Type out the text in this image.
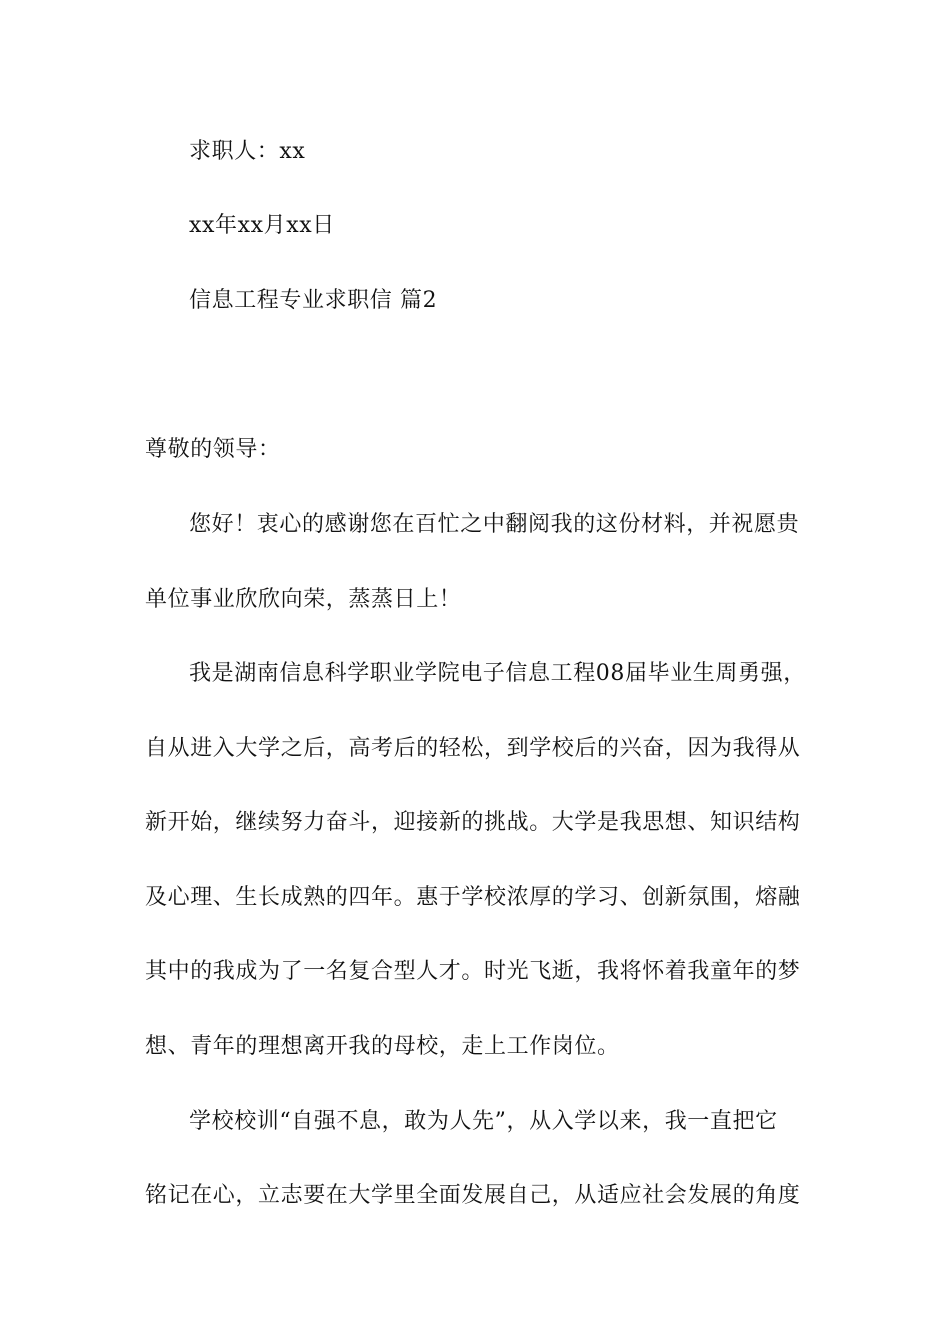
求职人：xx
xx年xx月xx日
信息工程专业求职信 篇2
尊敬的领导：
您好！衷心的感谢您在百忙之中翻阅我的这份材料，并祝愿贵
单位事业欣欣向荣，蒸蒸日上！
我是湖南信息科学职业学院电子信息工程08届毕业生周勇强，
自从进入大学之后，高考后的轻松，到学校后的兴奋，因为我得从
新开始，继续努力奋斗，迎接新的挑战。大学是我思想、知识结构
及心理、生长成熟的四年。惠于学校浓厚的学习、创新氛围，熔融
其中的我成为了一名复合型人才。时光飞逝，我将怀着我童年的梦
想、青年的理想离开我的母校，走上工作岗位。
学校校训“自强不息，敢为人先”，从入学以来，我一直把它
铭记在心，立志要在大学里全面发展自己，从适应社会发展的角度
